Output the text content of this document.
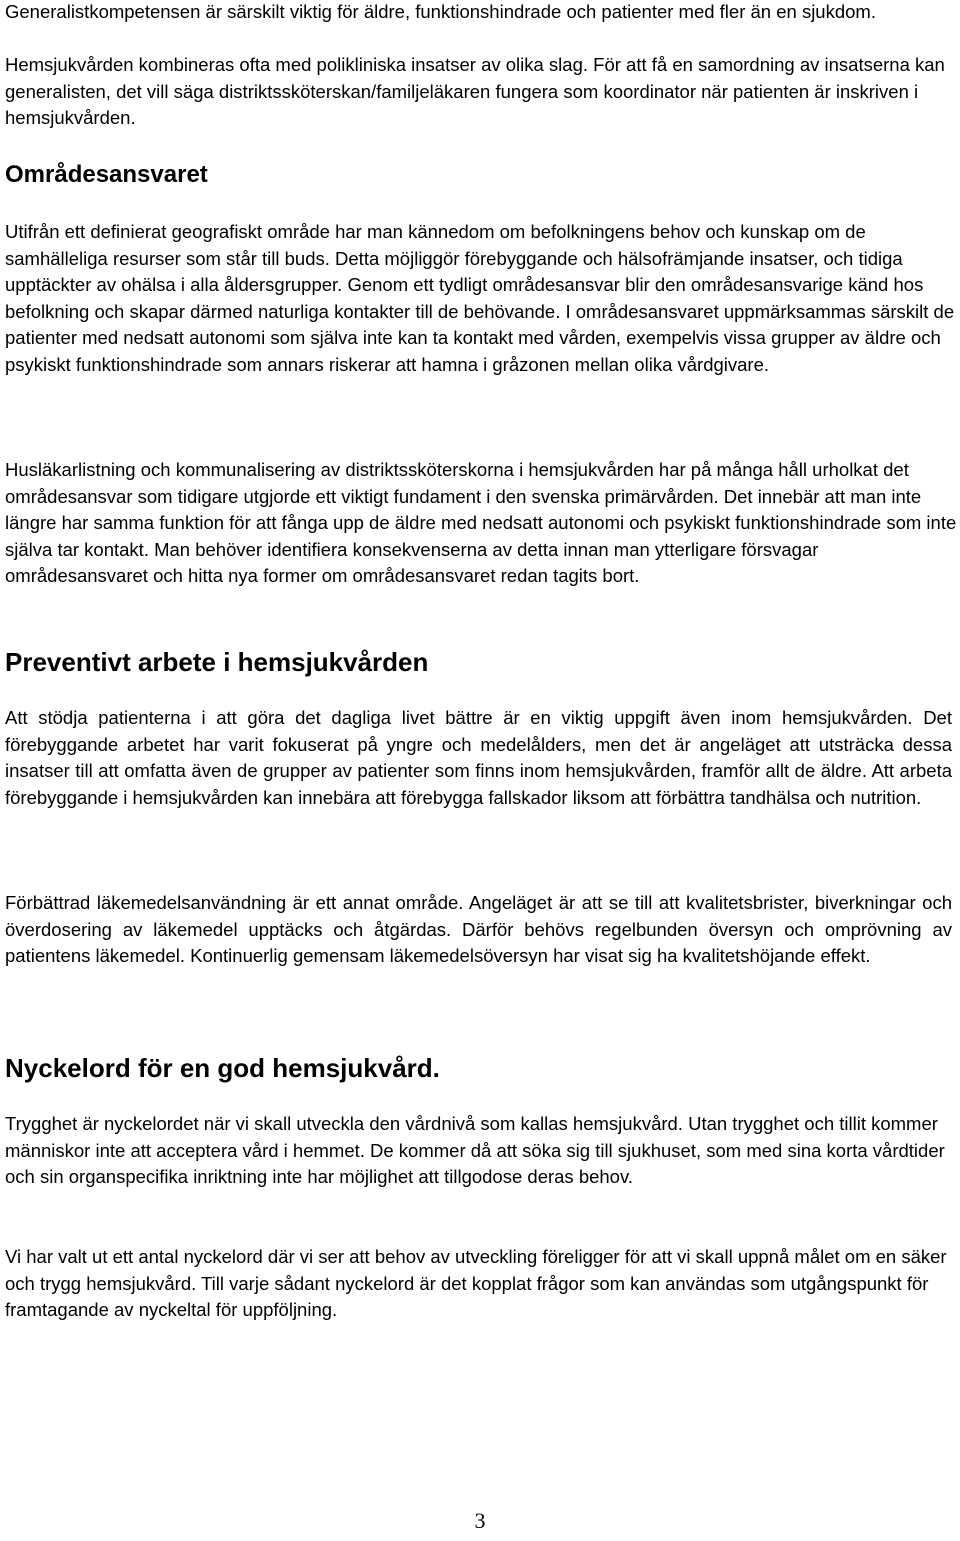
Generalistkompetensen är särskilt viktig för äldre, funktionshindrade och patienter med fler än en sjukdom.

Hemsjukvården kombineras ofta med polikliniska insatser av olika slag. För att få en samordning av insatserna kan generalisten, det vill säga distriktssköterskan/familjeläkaren fungera som koordinator när patienten är inskriven i hemsjukvården.

Områdesansvaret

Utifrån ett definierat geografiskt område har man kännedom om befolkningens behov och kunskap om de samhälleliga resurser som står till buds. Detta möjliggör förebyggande och hälsofrämjande insatser, och tidiga upptäckter av ohälsa i alla åldersgrupper. Genom ett tydligt områdesansvar blir den områdesansvarige känd hos befolkning och skapar därmed naturliga kontakter till de behövande. I områdesansvaret uppmärksammas särskilt de patienter med nedsatt autonomi som själva inte kan ta kontakt med vården, exempelvis vissa grupper av äldre och psykiskt funktionshindrade som annars riskerar att hamna i gråzonen mellan olika vårdgivare.

Husläkarlistning och kommunalisering av distriktssköterskorna i hemsjukvården har på många håll urholkat det områdesansvar som tidigare utgjorde ett viktigt fundament i den svenska primärvården. Det innebär att man inte längre har samma funktion för att fånga upp de äldre med nedsatt autonomi och psykiskt funktionshindrade som inte själva tar kontakt. Man behöver identifiera konsekvenserna av detta innan man ytterligare försvagar områdesansvaret och hitta nya former om områdesansvaret redan tagits bort.

Preventivt arbete i hemsjukvården

Att stödja patienterna i att göra det dagliga livet bättre är en viktig uppgift även inom hemsjukvården. Det förebyggande arbetet har varit fokuserat på yngre och medelålders, men det är angeläget att utsträcka dessa insatser till att omfatta även de grupper av patienter som finns inom hemsjukvården, framför allt de äldre. Att arbeta förebyggande i hemsjukvården kan innebära att förebygga fallskador liksom att förbättra tandhälsa och nutrition.

Förbättrad läkemedelsanvändning är ett annat område. Angeläget är att se till att kvalitetsbrister, biverkningar och överdosering av läkemedel upptäcks och åtgärdas. Därför behövs regelbunden översyn och omprövning av patientens läkemedel. Kontinuerlig gemensam läkemedelsöversyn har visat sig ha kvalitetshöjande effekt.

Nyckelord för en god hemsjukvård.

Trygghet är nyckelordet när vi skall utveckla den vårdnivå som kallas hemsjukvård. Utan trygghet och tillit kommer människor inte att acceptera vård i hemmet. De kommer då att söka sig till sjukhuset, som med sina korta vårdtider och sin organspecifika inriktning inte har möjlighet att tillgodose deras behov.

Vi har valt ut ett antal nyckelord där vi ser att behov av utveckling föreligger för att vi skall uppnå målet om en säker och trygg hemsjukvård. Till varje sådant nyckelord är det kopplat frågor som kan användas som utgångspunkt för framtagande av nyckeltal för uppföljning.

3
